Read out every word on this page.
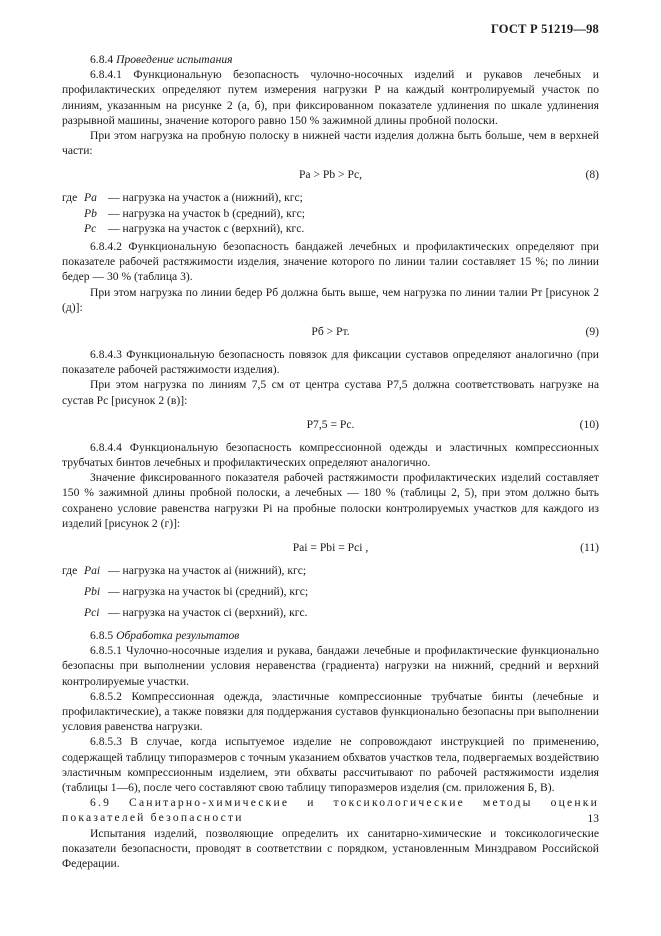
ГОСТ Р 51219—98

6.8.4 Проведение испытания

6.8.4.1 Функциональную безопасность чулочно-носочных изделий и рукавов лечебных и профилактических определяют путем измерения нагрузки P на каждый контролируемый участок по линиям, указанным на рисунке 2 (а, б), при фиксированном показателе удлинения по шкале удлинения разрывной машины, значение которого равно 150 % зажимной длины пробной полоски.

При этом нагрузка на пробную полоску в нижней части изделия должна быть больше, чем в верхней части:

Pa > Pb > Pc,	(8)
где Pa — нагрузка на участок a (нижний), кгс;
Pb — нагрузка на участок b (средний), кгс;
Pc	— нагрузка на участок c (верхний), кгс.

6.8.4.2 Функциональную безопасность бандажей лечебных и профилактических определяют при показателе рабочей растяжимости изделия, значение которого по линии талии составляет 15 %; по линии бедер — 30 % (таблица 3).

При этом нагрузка по линии бедер Pб должна быть выше, чем нагрузка по линии талии Pт [рисунок 2 (д)]:

Pб > Pт.	(9)

6.8.4.3 Функциональную безопасность повязок для фиксации суставов определяют аналогично (при показателе рабочей растяжимости изделия).

При этом нагрузка по линиям 7,5 см от центра сустава P7,5 должна соответствовать нагрузке на сустав Pс [рисунок 2 (в)]:

P7,5 = Pс.	(10)

6.8.4.4 Функциональную безопасность компрессионной одежды и эластичных компрессионных трубчатых бинтов лечебных и профилактических определяют аналогично.

Значение фиксированного показателя рабочей растяжимости профилактических изделий составляет 150 % зажимной длины пробной полоски, а лечебных — 180 % (таблицы 2, 5), при этом должно быть сохранено условие равенства нагрузки Pi на пробные полоски контролируемых участков для каждого из изделий [рисунок 2 (г)]:

Pai = Pbi = Pci ,	(11)
где Pai — нагрузка на участок ai (нижний), кгс;
Pbi — нагрузка на участок bi (средний), кгс;
Pci — нагрузка на участок ci (верхний), кгс.

6.8.5 Обработка результатов

6.8.5.1 Чулочно-носочные изделия и рукава, бандажи лечебные и профилактические функционально безопасны при выполнении условия неравенства (градиента) нагрузки на нижний, средний и верхний контролируемые участки.

6.8.5.2 Компрессионная одежда, эластичные компрессионные трубчатые бинты (лечебные и профилактические), а также повязки для поддержания суставов функционально безопасны при выполнении условия равенства нагрузки.

6.8.5.3 В случае, когда испытуемое изделие не сопровождают инструкцией по применению, содержащей таблицу типоразмеров с точным указанием обхватов участков тела, подвергаемых воздействию эластичным компрессионным изделием, эти обхваты рассчитывают по рабочей растяжимости изделия (таблицы 1—6), после чего составляют свою таблицу типоразмеров изделия (см. приложения Б, В).

6.9 Санитарно-химические и токсикологические методы оценки показателей безопасности

Испытания изделий, позволяющие определить их санитарно-химические и токсикологические показатели безопасности, проводят в соответствии с порядком, установленным Минздравом Российской Федерации.

13
